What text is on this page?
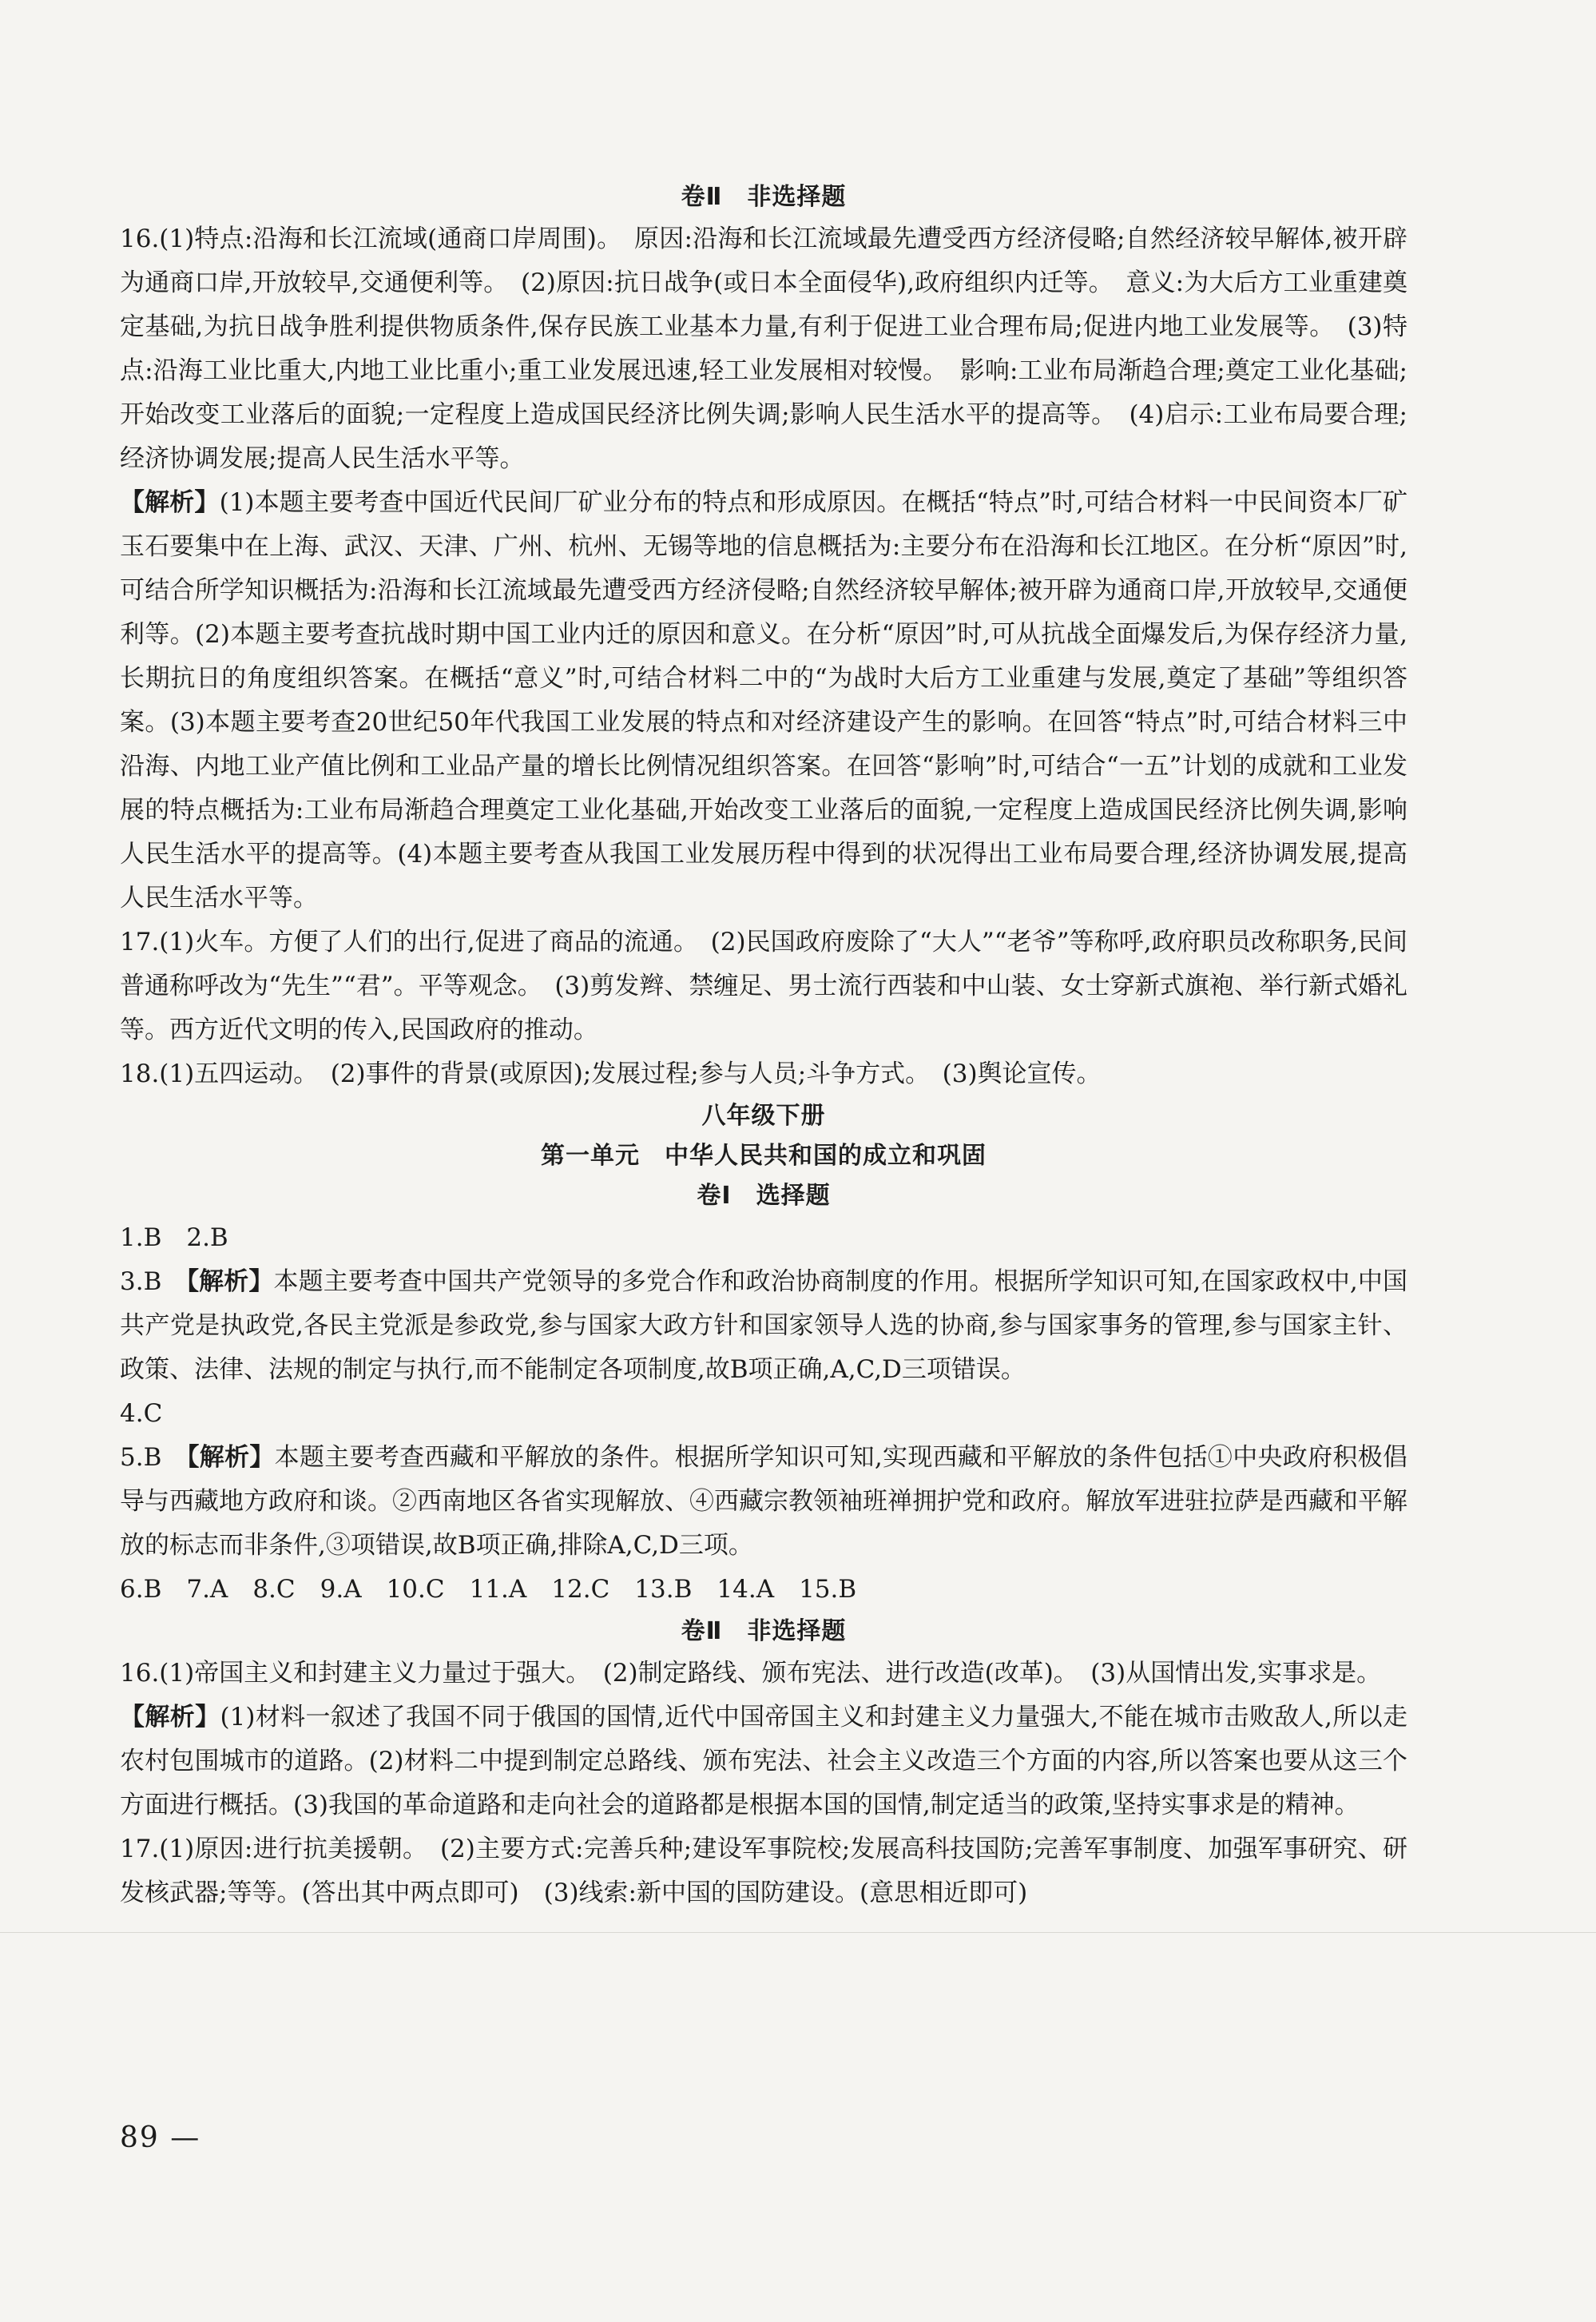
卷Ⅱ　非选择题

16.(1)特点:沿海和长江流域(通商口岸周围)。　原因:沿海和长江流域最先遭受西方经济侵略;自然经济较早解体,被开辟为通商口岸,开放较早,交通便利等。　(2)原因:抗日战争(或日本全面侵华),政府组织内迁等。　意义:为大后方工业重建奠定基础,为抗日战争胜利提供物质条件,保存民族工业基本力量,有利于促进工业合理布局;促进内地工业发展等。　(3)特点:沿海工业比重大,内地工业比重小;重工业发展迅速,轻工业发展相对较慢。　影响:工业布局渐趋合理;奠定工业化基础;开始改变工业落后的面貌;一定程度上造成国民经济比例失调;影响人民生活水平的提高等。　(4)启示:工业布局要合理;经济协调发展;提高人民生活水平等。

【解析】(1)本题主要考查中国近代民间厂矿业分布的特点和形成原因。在概括“特点”时,可结合材料一中民间资本厂矿玉石要集中在上海、武汉、天津、广州、杭州、无锡等地的信息概括为:主要分布在沿海和长江地区。在分析“原因”时,可结合所学知识概括为:沿海和长江流域最先遭受西方经济侵略;自然经济较早解体;被开辟为通商口岸,开放较早,交通便利等。(2)本题主要考查抗战时期中国工业内迁的原因和意义。在分析“原因”时,可从抗战全面爆发后,为保存经济力量,长期抗日的角度组织答案。在概括“意义”时,可结合材料二中的“为战时大后方工业重建与发展,奠定了基础”等组织答案。(3)本题主要考查20世纪50年代我国工业发展的特点和对经济建设产生的影响。在回答“特点”时,可结合材料三中沿海、内地工业产值比例和工业品产量的增长比例情况组织答案。在回答“影响”时,可结合“一五”计划的成就和工业发展的特点概括为:工业布局渐趋合理奠定工业化基础,开始改变工业落后的面貌,一定程度上造成国民经济比例失调,影响人民生活水平的提高等。(4)本题主要考查从我国工业发展历程中得到的状况得出工业布局要合理,经济协调发展,提高人民生活水平等。

17.(1)火车。方便了人们的出行,促进了商品的流通。　(2)民国政府废除了“大人”“老爷”等称呼,政府职员改称职务,民间普通称呼改为“先生”“君”。平等观念。　(3)剪发辫、禁缠足、男士流行西装和中山装、女士穿新式旗袍、举行新式婚礼等。西方近代文明的传入,民国政府的推动。

18.(1)五四运动。　(2)事件的背景(或原因);发展过程;参与人员;斗争方式。　(3)舆论宣传。

八年级下册
第一单元　中华人民共和国的成立和巩固
卷Ⅰ　选择题

1.B　2.B

3.B　【解析】本题主要考查中国共产党领导的多党合作和政治协商制度的作用。根据所学知识可知,在国家政权中,中国共产党是执政党,各民主党派是参政党,参与国家大政方针和国家领导人选的协商,参与国家事务的管理,参与国家主针、政策、法律、法规的制定与执行,而不能制定各项制度,故B项正确,A,C,D三项错误。

4.C

5.B　【解析】本题主要考查西藏和平解放的条件。根据所学知识可知,实现西藏和平解放的条件包括①中央政府积极倡导与西藏地方政府和谈。②西南地区各省实现解放、④西藏宗教领袖班禅拥护党和政府。解放军进驻拉萨是西藏和平解放的标志而非条件,③项错误,故B项正确,排除A,C,D三项。

6.B　7.A　8.C　9.A　10.C　11.A　12.C　13.B　14.A　15.B

卷Ⅱ　非选择题

16.(1)帝国主义和封建主义力量过于强大。　(2)制定路线、颁布宪法、进行改造(改革)。　(3)从国情出发,实事求是。

【解析】(1)材料一叙述了我国不同于俄国的国情,近代中国帝国主义和封建主义力量强大,不能在城市击败敌人,所以走农村包围城市的道路。(2)材料二中提到制定总路线、颁布宪法、社会主义改造三个方面的内容,所以答案也要从这三个方面进行概括。(3)我国的革命道路和走向社会的道路都是根据本国的国情,制定适当的政策,坚持实事求是的精神。

17.(1)原因:进行抗美援朝。　(2)主要方式:完善兵种;建设军事院校;发展高科技国防;完善军事制度、加强军事研究、研发核武器;等等。(答出其中两点即可)　(3)线索:新中国的国防建设。(意思相近即可)

89 —
